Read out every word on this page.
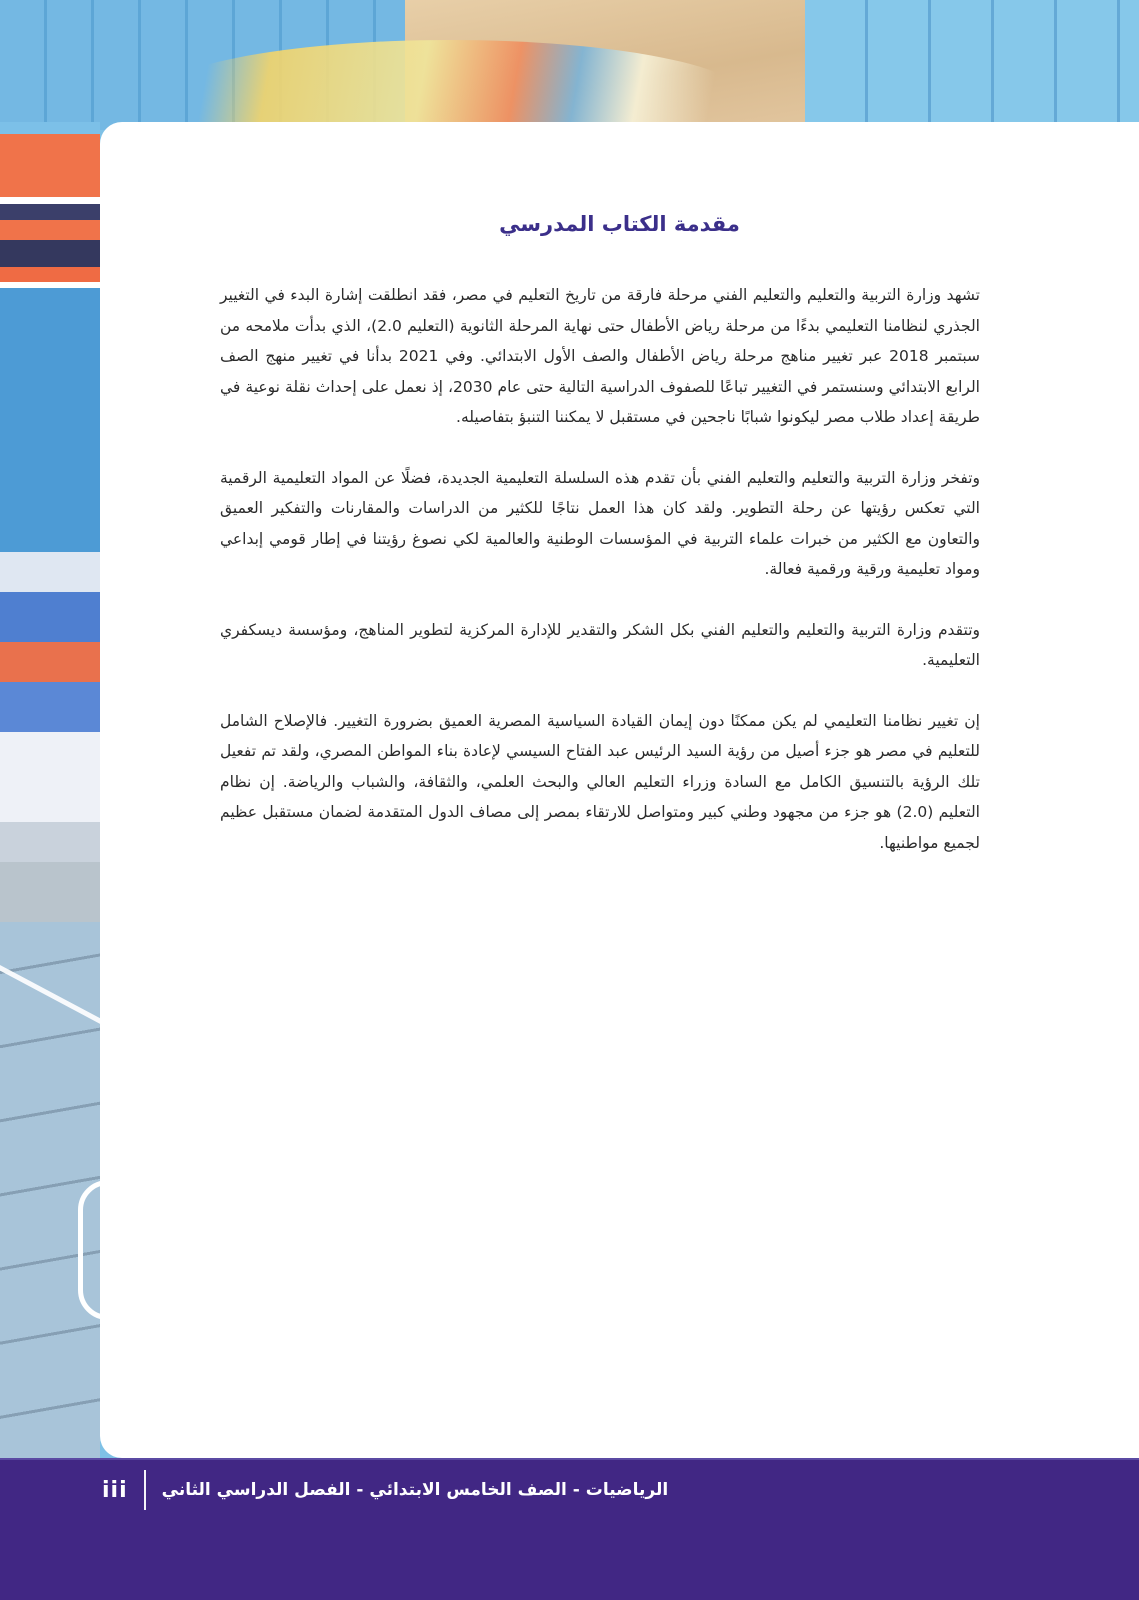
مقدمة الكتاب المدرسي

تشهد وزارة التربية والتعليم والتعليم الفني مرحلة فارقة من تاريخ التعليم في مصر، فقد انطلقت إشارة البدء في التغيير الجذري لنظامنا التعليمي بدءًا من مرحلة رياض الأطفال حتى نهاية المرحلة الثانوية (التعليم 2.0)، الذي بدأت ملامحه من سبتمبر 2018 عبر تغيير مناهج مرحلة رياض الأطفال والصف الأول الابتدائي. وفي 2021 بدأنا في تغيير منهج الصف الرابع الابتدائي وسنستمر في التغيير تباعًا للصفوف الدراسية التالية حتى عام 2030، إذ نعمل على إحداث نقلة نوعية في طريقة إعداد طلاب مصر ليكونوا شبابًا ناجحين في مستقبل لا يمكننا التنبؤ بتفاصيله.

وتفخر وزارة التربية والتعليم والتعليم الفني بأن تقدم هذه السلسلة التعليمية الجديدة، فضلًا عن المواد التعليمية الرقمية التي تعكس رؤيتها عن رحلة التطوير. ولقد كان هذا العمل نتاجًا للكثير من الدراسات والمقارنات والتفكير العميق والتعاون مع الكثير من خبرات علماء التربية في المؤسسات الوطنية والعالمية لكي نصوغ رؤيتنا في إطار قومي إبداعي ومواد تعليمية ورقية ورقمية فعالة.

وتتقدم وزارة التربية والتعليم والتعليم الفني بكل الشكر والتقدير للإدارة المركزية لتطوير المناهج، ومؤسسة ديسكفري التعليمية.

إن تغيير نظامنا التعليمي لم يكن ممكنًا دون إيمان القيادة السياسية المصرية العميق بضرورة التغيير. فالإصلاح الشامل للتعليم في مصر هو جزء أصيل من رؤية السيد الرئيس عبد الفتاح السيسي لإعادة بناء المواطن المصري، ولقد تم تفعيل تلك الرؤية بالتنسيق الكامل مع السادة وزراء التعليم العالي والبحث العلمي، والثقافة، والشباب والرياضة. إن نظام التعليم (2.0) هو جزء من مجهود وطني كبير ومتواصل للارتقاء بمصر إلى مصاف الدول المتقدمة لضمان مستقبل عظيم لجميع مواطنيها.

iii الرياضيات - الصف الخامس الابتدائي - الفصل الدراسي الثاني
